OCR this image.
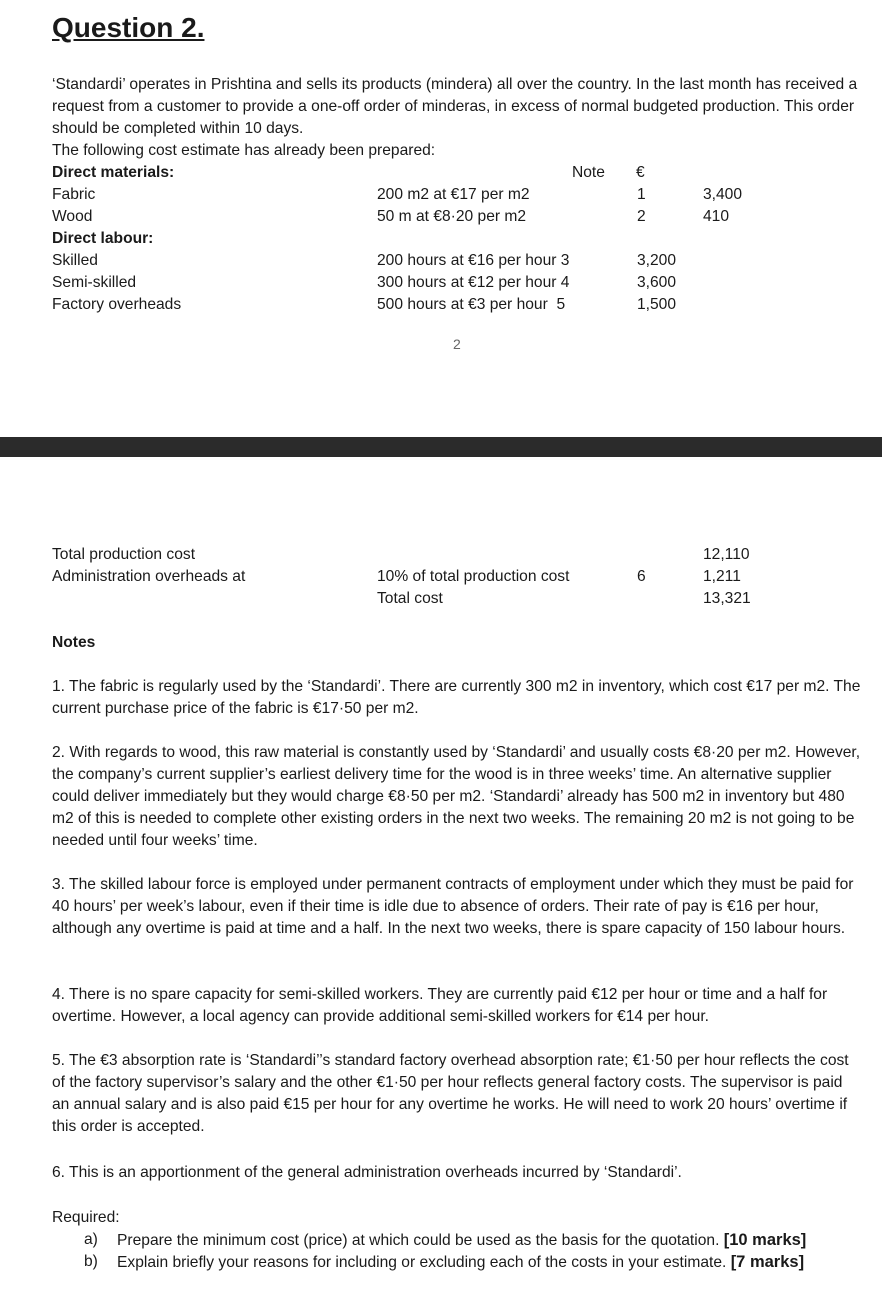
Question 2.
‘Standardi’ operates in Prishtina and sells its products (mindera) all over the country. In the last month has received a request from a customer to provide a one-off order of minderas, in excess of normal budgeted production. This order should be completed within 10 days.
The following cost estimate has already been prepared:
Direct materials:	Note €
Fabric	200 m2 at €17 per m2	1	3,400
Wood	50 m at €8·20 per m2	2	410
Direct labour:
Skilled	200 hours at €16 per hour 3	3,200
Semi-skilled	300 hours at €12 per hour 4	3,600
Factory overheads	500 hours at €3 per hour  5	1,500
2
Total production cost	12,110
Administration overheads at	10% of total production cost	6	1,211
Total cost	13,321
Notes
1. The fabric is regularly used by the ‘Standardi’. There are currently 300 m2 in inventory, which cost €17 per m2. The current purchase price of the fabric is €17·50 per m2.
2. With regards to wood, this raw material is constantly used by ‘Standardi’ and usually costs €8·20 per m2. However, the company’s current supplier’s earliest delivery time for the wood is in three weeks’ time. An alternative supplier could deliver immediately but they would charge €8·50 per m2. ‘Standardi’ already has 500 m2 in inventory but 480 m2 of this is needed to complete other existing orders in the next two weeks. The remaining 20 m2 is not going to be needed until four weeks’ time.
3. The skilled labour force is employed under permanent contracts of employment under which they must be paid for 40 hours’ per week’s labour, even if their time is idle due to absence of orders. Their rate of pay is €16 per hour, although any overtime is paid at time and a half. In the next two weeks, there is spare capacity of 150 labour hours.
4. There is no spare capacity for semi-skilled workers. They are currently paid €12 per hour or time and a half for overtime. However, a local agency can provide additional semi-skilled workers for €14 per hour.
5. The €3 absorption rate is ‘Standardi’’s standard factory overhead absorption rate; €1·50 per hour reflects the cost of the factory supervisor’s salary and the other €1·50 per hour reflects general factory costs. The supervisor is paid an annual salary and is also paid €15 per hour for any overtime he works. He will need to work 20 hours’ overtime if this order is accepted.
6. This is an apportionment of the general administration overheads incurred by ‘Standardi’.
Required:
a) Prepare the minimum cost (price) at which could be used as the basis for the quotation. [10 marks]
b) Explain briefly your reasons for including or excluding each of the costs in your estimate. [7 marks]
